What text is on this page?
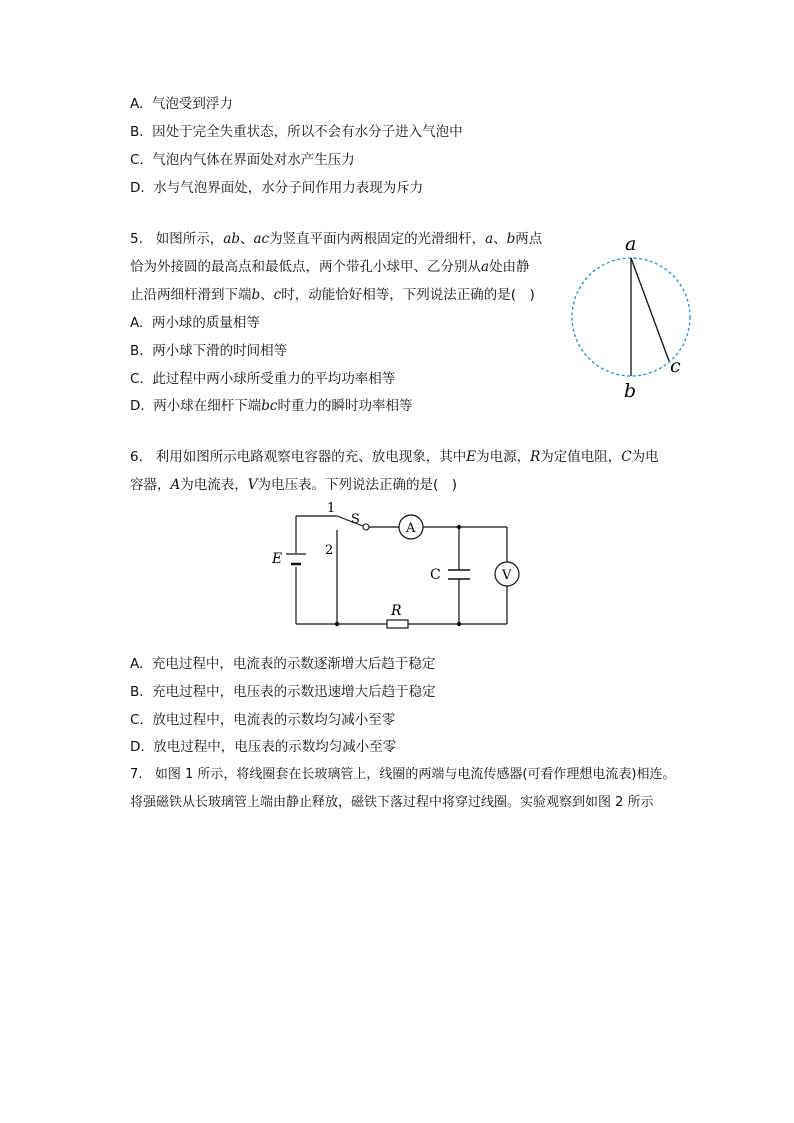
A. 气泡受到浮力
B. 因处于完全失重状态，所以不会有水分子进入气泡中
C. 气泡内气体在界面处对水产生压力
D. 水与气泡界面处，水分子间作用力表现为斥力
5. 如图所示，ab、ac为竖直平面内两根固定的光滑细杆，a、b两点
恰为外接圆的最高点和最低点，两个带孔小球甲、乙分别从a处由静
止沿两细杆滑到下端b、c时，动能恰好相等，下列说法正确的是(　)
A. 两小球的质量相等
B. 两小球下滑的时间相等
C. 此过程中两小球所受重力的平均功率相等
D. 两小球在细杆下端bc时重力的瞬时功率相等
a
b
c
6. 利用如图所示电路观察电容器的充、放电现象，其中E为电源，R为定值电阻，C为电
容器，A为电流表，V为电压表。下列说法正确的是(　)
A
V
1
2
S
E
C
R
A. 充电过程中，电流表的示数逐渐增大后趋于稳定
B. 充电过程中，电压表的示数迅速增大后趋于稳定
C. 放电过程中，电流表的示数均匀减小至零
D. 放电过程中，电压表的示数均匀减小至零
7. 如图 1 所示，将线圈套在长玻璃管上，线圈的两端与电流传感器(可看作理想电流表)相连。
将强磁铁从长玻璃管上端由静止释放，磁铁下落过程中将穿过线圈。实验观察到如图 2 所示
